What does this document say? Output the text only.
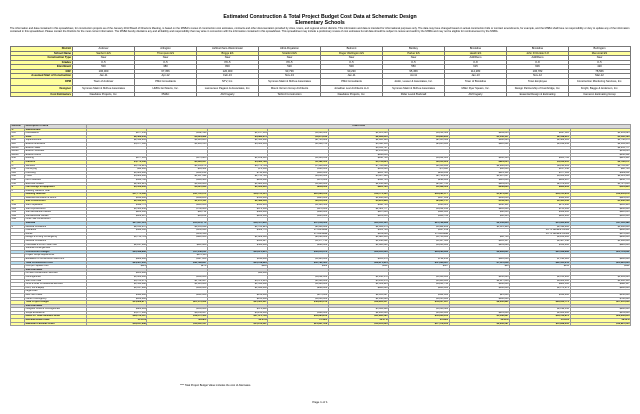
Estimated Construction & Total Project Budget Cost Data at Schematic Design
Elementary Schools
The information and data contained in this spreadsheet, for construction projects as of the January 2013 Board of Directors Meeting, is based on the MSBA's review of construction cost estimates, contracts and other documentation provided by cities, towns, and regional school districts. This information and data is intended for informational purposes only. The data may have changed based on actual construction bids or contract amendments, for example, and the MSBA shall have no responsibility or duty to update any of the information contained in this spreadsheet. Please contact the Districts for the most current information. The MSBA hereby disclaims any and all liability and responsibility that may arise in connection with the information contained in this spreadsheet. This spreadsheet may include a preliminary review of cost estimates but all data should be subject to review and audit by the MSBA and may not be eligible for reimbursement by the MSBA.
District	Andover	Arlington	Ashburnham-Westminster	Athol-Royalston	Belmont	Berkley	Brookline	Brookline	Burlington
School Name	Sanborn ES	Thompson ES	Briggs ES	Stratford ES	Roger Wellington ES	Parker ES	Heath ES	John D Runkle K-8	Memorial ES
Construction Type	New	New	New	New	New	New	Add/Reno	Add/Reno	New
Grades	K-5	K-5	PK-5	PK-5	K-5	K-5	K-8	K-8	K-5
Enrollment	500	380	800	520	500	550	615	606	420
GSF	106,000	67,356	120,000	93,739	90,230	95,459	114,280	106,782	78,566
Assumed Start of Construction	Jan-11	Apr-12	Feb-13	Nov-13	Jan-11	Jul-11	Jan-13	Nov-12	Mar-12
OPM	Town of Andover	PMA Consultants	NTV, Inc.	Symmes Maini & McKee Associates	PMA Consultants	Joslin, Lesser & Associates, Inc.	Town of Brookline	Town Employee	Construction Monitoring Services, Inc.
Designer	Symmes Maini & McKee Associates	HMFH Architects, Inc.	Lamoureux Pagano & Associates, Inc.	Mount Vernon Group Architects	Jonathan Levi Architects LLC	Symmes Maini & McKee Associates	Miller Dyer Spears, Inc.	Design Partnership of Cambridge, Inc.	Knight, Bagge & Anderson, Inc.
Cost Estimators	Daedalus Projects, Inc.	PM&C	AM Fogarty	Tetford Construction	Daedalus Projects, Inc.	Rider Levett Bucknall	AM Fogarty	Essential Design & Estimating	Cameron Estimating Group
Division	Description of Work	Total Costs								
A	Substructure									
A10	Foundations	$877,150	$582,590	$1,157,504	$1,680,000	$1,123,396	$1,214,582	$649,613	$997,520	$1,061,295
B	Shell	$2,580,056	$1,094,382	$3,392,373	$1,975,810	$2,093,210	$1,864,284	$1,146,157	$2,419,225	$1,585,786
B10	Superstructure	$2,419,843	$1,443,803	$1,530,608	$2,763,800	$2,086,186	$2,153,506	$380,623	$1,482,185	$1,758,675
B20	Exterior Enclosure	$4,977,592	$1,903,315	$4,306,309	$3,489,700	$3,398,158	$2,885,000	$918,621	$1,818,644	$2,184,304
B2010	Exterior Walls					$3,355,717				$2,055,777
B2020	Exterior Windows					$1,135,630				$411,813
B2030	Exterior Doors					$108,850				$132,412
B30	Roofing	$877,103	$573,985	$1,109,512	$1,404,650	$958,718	$1,202,605	$360,564	$665,792	$814,401
C	Interiors	$4,770,108	$2,396,027	$3,390,799	$4,192,000	$4,733,864	$3,040,623	$929,265	$4,043,335	$2,786,671
D	Services	$6,720,915	$3,533,271	$8,770,704	$7,400,000	$7,780,002	$6,350,095	$2,980,813	$6,211,004	$4,765,307
D10	Conveying	$92,000	$84,400	$74,500	$120,000	$104,000	$75,000	$60,000	$157,558	$92,756
D20	Plumbing	$1,083,600	$501,244	$718,206	$910,000	$965,700	$818,038	$214,131	$577,582	$629,011
D30	HVAC	$3,886,000	$2,107,494	$2,755,740	$3,840,000	$3,897,189	$2,710,256	$1,487,037	$3,186,602	$2,114,549
D40	Fire Protection	$340,700	$196,400	$291,008	$370,000	$366,733	$299,006	$126,800	$286,097	$236,773
D50	Electrical Utilities	$2,421,815	$1,400,966	$1,880,663	$1,900,000	$2,446,380	$2,447,795	$891,815	$2,678,416	$1,727,856
E	Furnishings & Equipment	$1,163,300	$1,025,060	$1,000,000	$818,000	$981,700	$1,169,520	$248,830	$864,618	$513,920
F	Building Sitework Total									
	Building Subtotal	$17,771,180	$10,751,371	$18,701,115	$22,380,050	$18,773,121	$18,291,477	$5,973,621	$18,515,916	$13,200,879
	Selected Demolition & Demo	$610,400	$589,280	$515,000	$925,000	$1,288,000	$657,899	$342,830	$424,000	$624,850
G	Site Construction	$2,190,413	$1,178,111	$2,498,409	$3,050,000	$4,222,938	$2,661,747	$559,566	$1,585,408	$1,662,508
G10	Site Preparation	$499,776	$418,180	$450,203	$1,126,500	$668,710	$526,025	$168,101	$273,208	$383,904
G20	Site Improvements	$1,303,850	$758,908	$972,100	$970,000	$2,524,777	$1,242,014	$283,080	$765,300	$836,200
G30	Site Mechanical Utilities	$204,100	$90,750	$600,000	$490,000	$497,649	$484,000	$68,000	$368,000	$228,804
G40	Site Electrical Utilities	$182,687	$94,200	$262,500	$465,000	$461,650	$409,708	$60,385	$201,800	$183,600
G90	Other Site Construction									
	Subtotal	$27,947,311	$15,614,776	$19,557,800	$37,219,300	$23,400,100	$21,789,893	$2,143,913	$15,364,834	$17,118,499
Z	General Conditions	$2,141,257	$1,335,029	$1,704,925	$2,400,000	$2,094,373	$1,982,206	$1,113,186	$1,590,000	$1,400,000
	Insurance	$449,500	$150,940	$309,778	in Overhead	$361,769	$347,149		Inc. in General Conds	$400,000
	Bonds		$150,548		in Overhead	$169,060	in Overhead		Inc. in General Conds	$170,000
	Design & Pricing Contingency	$1,754,791	$940,000	$1,989,590	$2,290,000	$1,828,250	$1,708,000	$80,739	$1,260,000	$846,000
	General Conditions			$653,427	$1,177,791	$1,448,682	$1,147,500	$195,137	$1,487,548	$1,696,000
	Overhead & Profit / GMP Fee	$2,297,000	$311,900	$500,000	$680,000	$1,880,681	$1,860,000	$261,026	$550,000	$420,000
	Subtotal Contingencies									
	Construction Budget	$30,098,986	$17,448,311	$26,875,815	$33,650,673	$28,185,033	$29,293,693	$3,883,861	$21,338,898	$21,719,222
	Project Scope Adjustments		$372,115							
	Escalation to Construction Mid-Point	$922,000	$127,000	$611,800	$1,985,000	$635,470	$722,244	$120,030	$7,191,320	$600,000
	Total Construction Cost	$34,327,065	$18,799,937	$24,789,629	$35,791,361	$29,971,954	$37,036,487	$7,515,649	$22,525,241	$25,320,003
	Cost per Square Foot	$324	$279	$206	$382	$332	$387	$66	$211	$322
	Site Alternates									
	Off-Site Construction Services	$125,000		$58,000						
	Contingencies	$1,000,000	$500,000		$1,802,000	$1,440,170	$1,349,000	$352,624	$1,151,918	$1,004,624
	Soft Cost Total	$6,703,475	$2,762,907	$4,371,213	$6,380,000	$5,443,470	$5,900,000	$2,017,609	$6,080,300	$4,000,130
	OPM & other Professional services	$1,343,098	$1,145,000	$1,358,008	$1,424,000	$1,309,945	$1,261,744	$340,000	$981,500	$828,117
	Furn, Fix & Equip	$1,017,800	$500,000	$1,096,000	$880,000	$980,000	$600,000	$160,000	$1,171,974	$490,000
	Legal Fees									
	Misc Soft Costs	$493,000	$341,000	$152,000	$275,000	$2,110,697	$102,000	$23,000	$410,000	$150,000
	Owner Contingency	$160,000		$135,000	$1,040,000	$1,168,000	$1,015,000	$190,000		$760,000
	Total Project Budget ****	$44,868,977	$25,173,302	$35,361,087	$43,820,156	$49,984,417	$34,007,667	$8,660,981	$29,640,773	$27,605,209
	Site Alternates									
	Ineligible Costs & Contingencies	$980,694	$363,000	$473,842		$5,662,468	$1,616,520		$1,192,543	$980,000
	Scope Exclusions	$5,277,000	$1,859,007	$4,212,000	$180,000	$2,200,000	$3,000,000	$201,000	$1,800,000	$451,000
	Basis for Total Facilities Grant	$38,722,187	$19,071,400	$27,375,733	$34,394,222	$31,980,591	$31,603,000	$5,468,387	$19,513,978	$26,663,243
	Reimbursement Rate	51.18%	58.89%	62.65%	70.43%	40.57%	60.89%	46.33%	40.18%	49.52%
	Maximum Facilities Grant	$19,817,838	$11,231,547	$15,150,487	$21,937,458	$16,010,000	$17,179,000	$3,006,597	$11,839,300	$12,925,500
**** Total Project Budget Value includes the cost of Alternates.
Page 1 of 1
